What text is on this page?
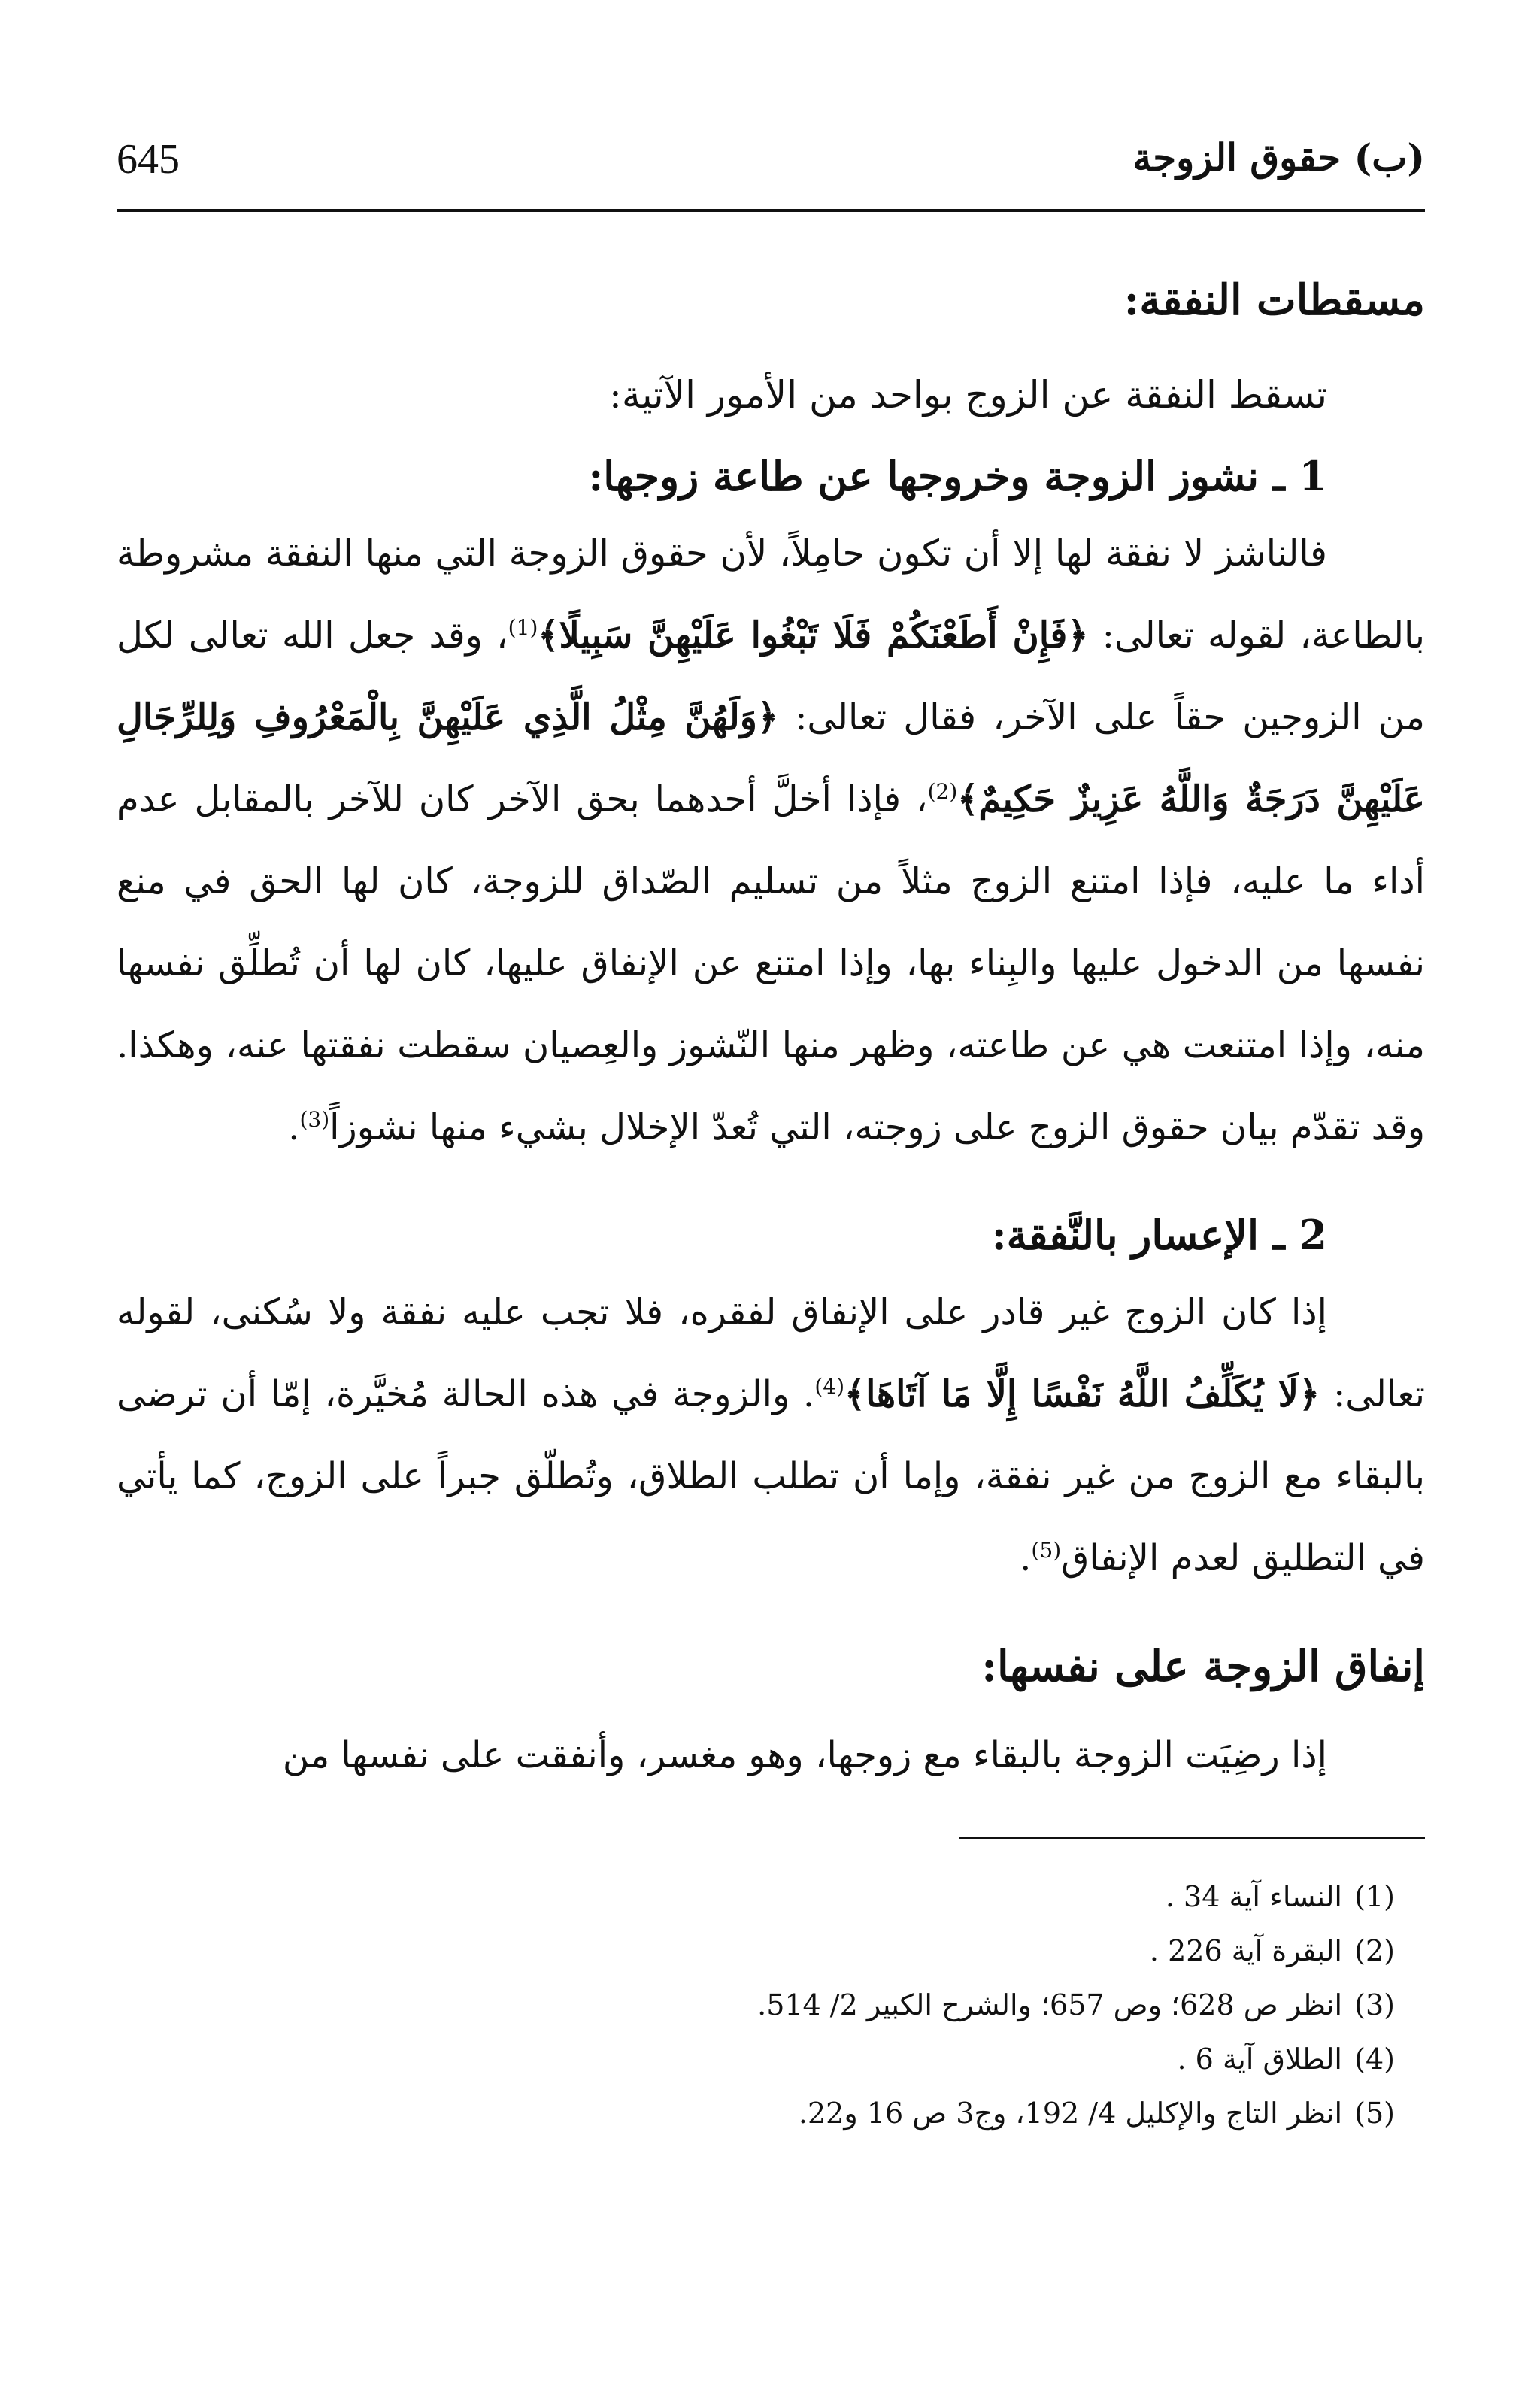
(ب) حقوق الزوجة
645
مسقطات النفقة:
تسقط النفقة عن الزوج بواحد من الأمور الآتية:
1 ـ نشوز الزوجة وخروجها عن طاعة زوجها:

فالناشز لا نفقة لها إلا أن تكون حامِلاً، لأن حقوق الزوجة التي منها النفقة مشروطة بالطاعة، لقوله تعالى: ﴿فَإِنْ أَطَعْنَكُمْ فَلَا تَبْغُوا عَلَيْهِنَّ سَبِيلًا﴾$^{(1)}$، وقد جعل الله تعالى لكل من الزوجين حقاً على الآخر، فقال تعالى: ﴿وَلَهُنَّ مِثْلُ الَّذِي عَلَيْهِنَّ بِالْمَعْرُوفِ وَلِلرِّجَالِ عَلَيْهِنَّ دَرَجَةٌ وَاللَّهُ عَزِيزٌ حَكِيمٌ﴾$^{(2)}$، فإذا أخلَّ أحدهما بحق الآخر كان للآخر بالمقابل عدم أداء ما عليه، فإذا امتنع الزوج مثلاً من تسليم الصّداق للزوجة، كان لها الحق في منع نفسها من الدخول عليها والبِناء بها، وإذا امتنع عن الإنفاق عليها، كان لها أن تُطلِّق نفسها منه، وإذا امتنعت هي عن طاعته، وظهر منها النّشوز والعِصيان سقطت نفقتها عنه، وهكذا. وقد تقدّم بيان حقوق الزوج على زوجته، التي تُعدّ الإخلال بشيء منها نشوزاً$^{(3)}$.

2 ـ الإعسار بالنَّفقة:

إذا كان الزوج غير قادر على الإنفاق لفقره، فلا تجب عليه نفقة ولا سُكنى، لقوله تعالى: ﴿لَا يُكَلِّفُ اللَّهُ نَفْسًا إِلَّا مَا آتَاهَا﴾$^{(4)}$. والزوجة في هذه الحالة مُخيَّرة، إمّا أن ترضى بالبقاء مع الزوج من غير نفقة، وإما أن تطلب الطلاق، وتُطلّق جبراً على الزوج، كما يأتي في التطليق لعدم الإنفاق$^{(5)}$.

إنفاق الزوجة على نفسها:

إذا رضِيَت الزوجة بالبقاء مع زوجها، وهو مغسر، وأنفقت على نفسها من

(1)النساء آية 34 .
(2)البقرة آية 226 .
(3)انظر ص 628؛ وص 657؛ والشرح الكبير 2/ 514.
(4)الطلاق آية 6 .
(5)انظر التاج والإكليل 4/ 192، وج3 ص 16 و22.
